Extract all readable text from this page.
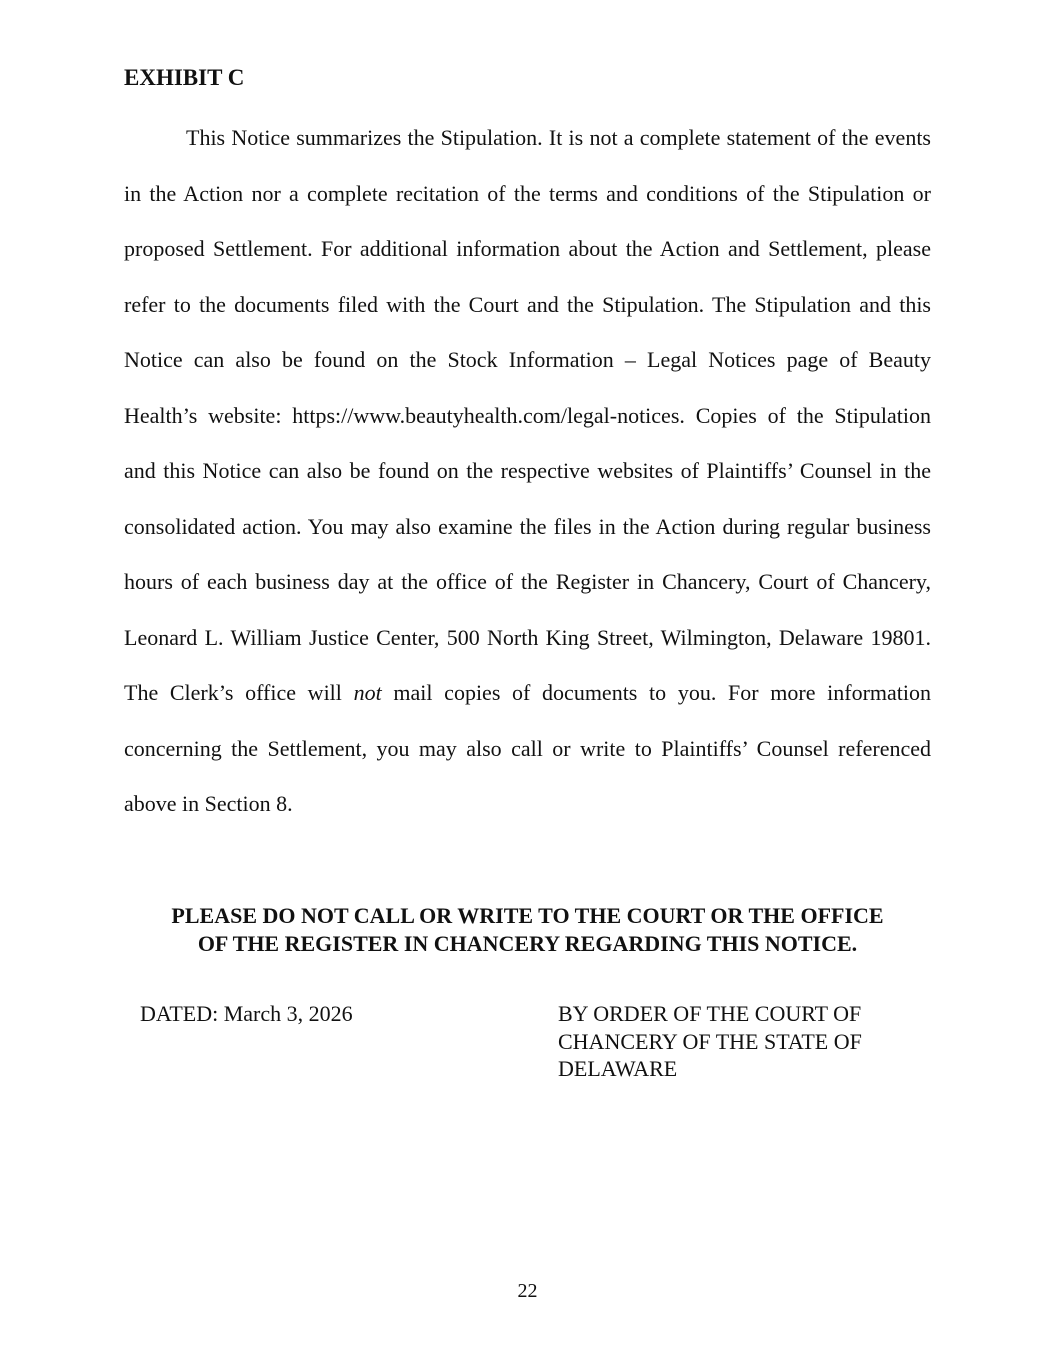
EXHIBIT C

This Notice summarizes the Stipulation. It is not a complete statement of the events in the Action nor a complete recitation of the terms and conditions of the Stipulation or proposed Settlement. For additional information about the Action and Settlement, please refer to the documents filed with the Court and the Stipulation. The Stipulation and this Notice can also be found on the Stock Information – Legal Notices page of Beauty Health’s website: https://www.beautyhealth.com/legal-notices. Copies of the Stipulation and this Notice can also be found on the respective websites of Plaintiffs’ Counsel in the consolidated action. You may also examine the files in the Action during regular business hours of each business day at the office of the Register in Chancery, Court of Chancery, Leonard L. William Justice Center, 500 North King Street, Wilmington, Delaware 19801. The Clerk’s office will not mail copies of documents to you. For more information concerning the Settlement, you may also call or write to Plaintiffs’ Counsel referenced above in Section 8.

PLEASE DO NOT CALL OR WRITE TO THE COURT OR THE OFFICE
OF THE REGISTER IN CHANCERY REGARDING THIS NOTICE.

DATED: March 3, 2026	BY ORDER OF THE COURT OF
CHANCERY OF THE STATE OF
DELAWARE

22
